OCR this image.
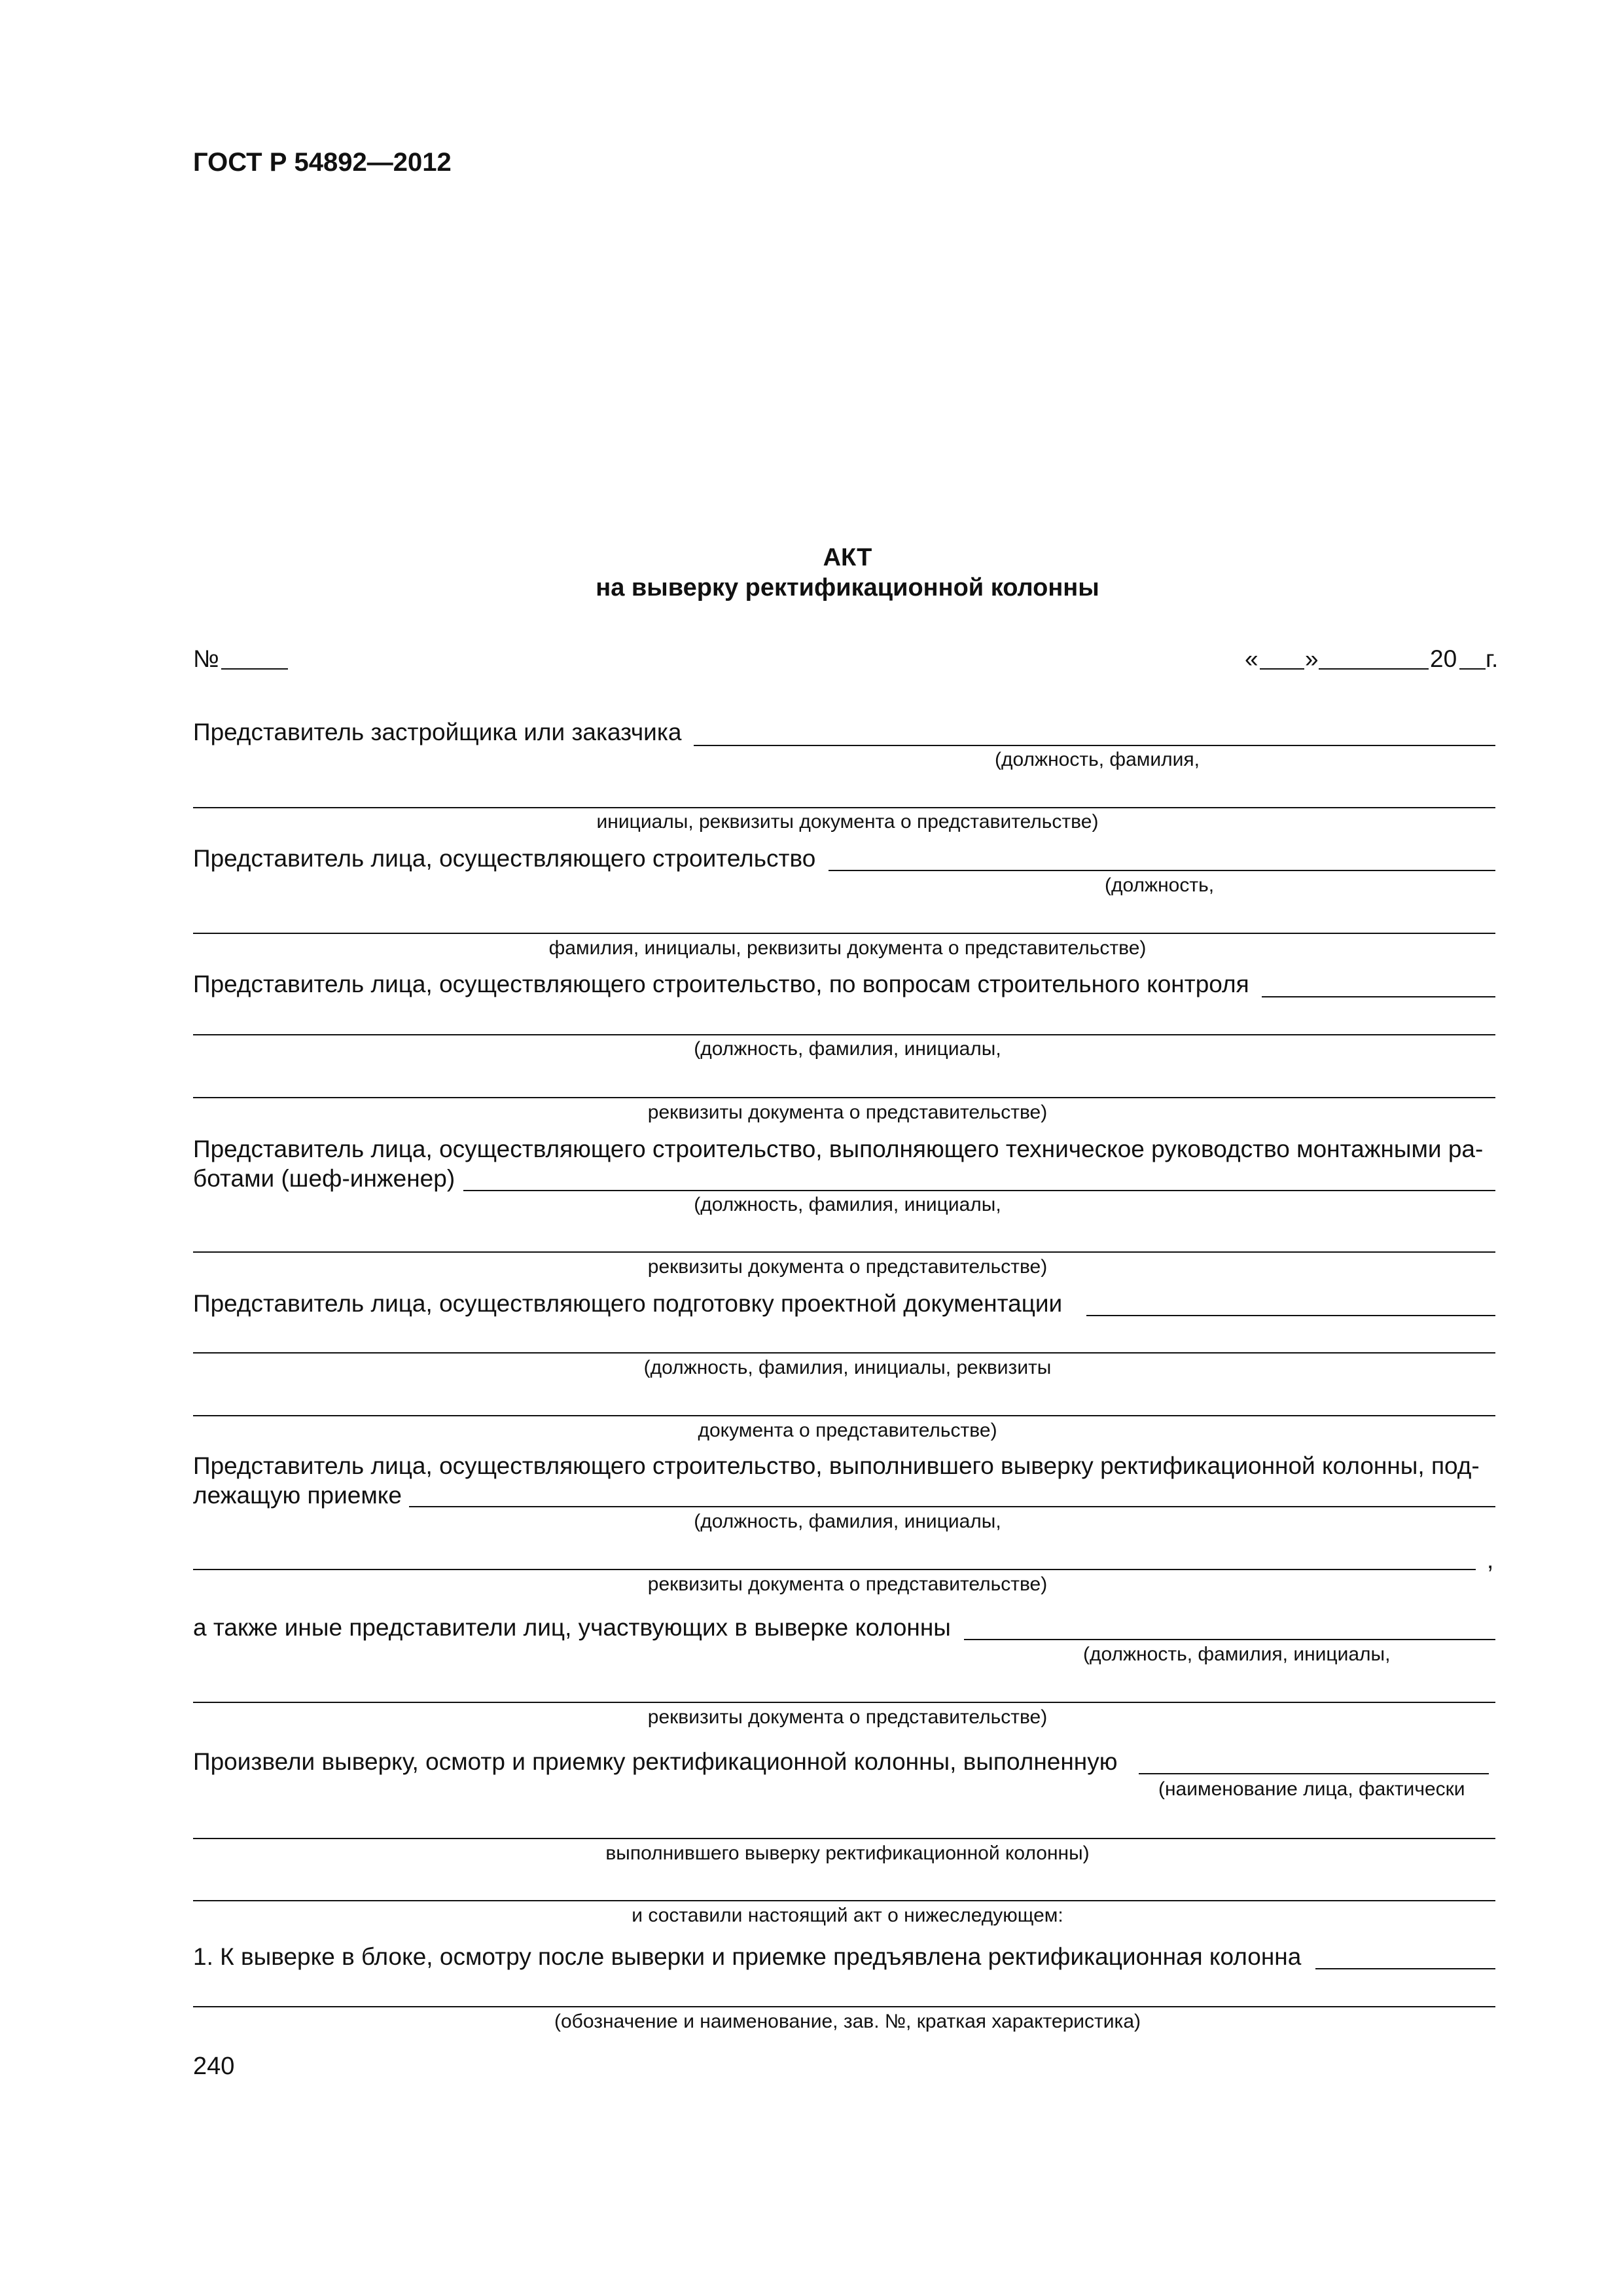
ГОСТ Р 54892—2012
АКТ
на выверку ректификационной колонны
№	« »	20 г.
Представитель застройщика или заказчика
(должность, фамилия,
инициалы, реквизиты документа о представительстве)
Представитель лица, осуществляющего строительство
(должность,
фамилия, инициалы, реквизиты документа о представительстве)
Представитель лица, осуществляющего строительство, по вопросам строительного контроля
(должность, фамилия, инициалы,
реквизиты документа о представительстве)
Представитель лица, осуществляющего строительство, выполняющего техническое руководство монтажными ра-
ботами (шеф-инженер)
(должность, фамилия, инициалы,
реквизиты документа о представительстве)
Представитель лица, осуществляющего подготовку проектной документации
(должность, фамилия, инициалы, реквизиты
документа о представительстве)
Представитель лица, осуществляющего строительство, выполнившего выверку ректификационной колонны, под-
лежащую приемке
(должность, фамилия, инициалы,
,
реквизиты документа о представительстве)
а также иные представители лиц, участвующих в выверке колонны
(должность, фамилия, инициалы,
реквизиты документа о представительстве)
Произвели выверку, осмотр и приемку ректификационной колонны, выполненную
(наименование лица, фактически
выполнившего выверку ректификационной колонны)
и составили настоящий акт о нижеследующем:
1. К выверке в блоке, осмотру после выверки и приемке предъявлена ректификационная колонна
(обозначение и наименование, зав. №, краткая характеристика)
240
